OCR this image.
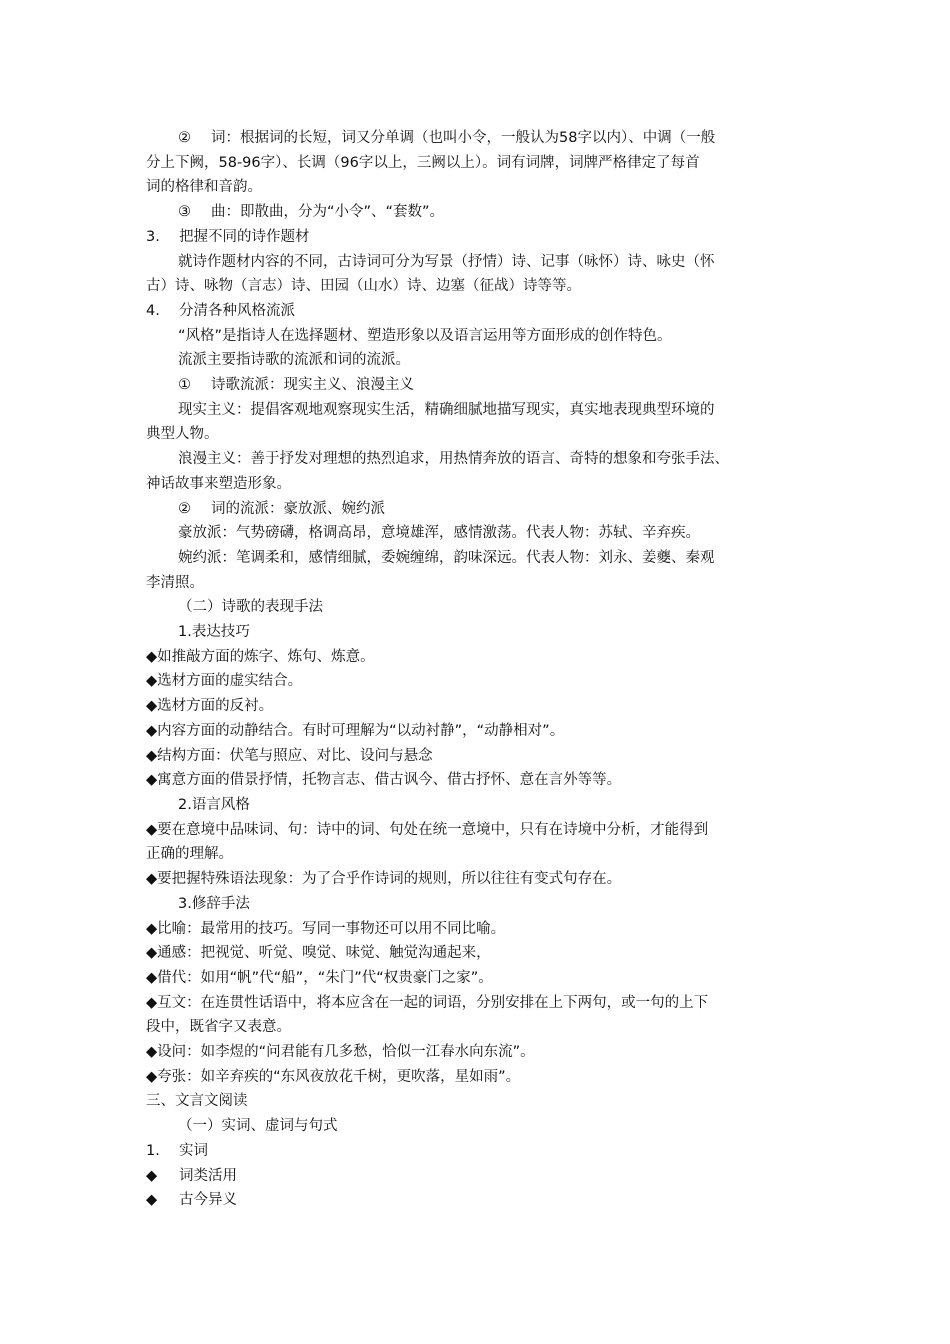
② 词：根据词的长短，词又分单调（也叫小令，一般认为58字以内）、中调（一般

分上下阙，58-96字）、长调（96字以上，三阙以上）。词有词牌，词牌严格律定了每首

词的格律和音韵。

③ 曲：即散曲，分为“小令”、“套数”。

3. 把握不同的诗作题材

就诗作题材内容的不同，古诗词可分为写景（抒情）诗、记事（咏怀）诗、咏史（怀

古）诗、咏物（言志）诗、田园（山水）诗、边塞（征战）诗等等。

4. 分清各种风格流派

“风格”是指诗人在选择题材、塑造形象以及语言运用等方面形成的创作特色。

流派主要指诗歌的流派和词的流派。

① 诗歌流派：现实主义、浪漫主义

现实主义：提倡客观地观察现实生活，精确细腻地描写现实，真实地表现典型环境的

典型人物。

浪漫主义：善于抒发对理想的热烈追求，用热情奔放的语言、奇特的想象和夸张手法、

神话故事来塑造形象。

② 词的流派：豪放派、婉约派

豪放派：气势磅礴，格调高昂，意境雄浑，感情激荡。代表人物：苏轼、辛弃疾。

婉约派：笔调柔和，感情细腻，委婉缠绵，韵味深远。代表人物：刘永、姜夔、秦观

李清照。

（二）诗歌的表现手法

1.表达技巧

◆如推敲方面的炼字、炼句、炼意。

◆选材方面的虚实结合。

◆选材方面的反衬。

◆内容方面的动静结合。有时可理解为“以动衬静”，“动静相对”。

◆结构方面：伏笔与照应、对比、设问与悬念

◆寓意方面的借景抒情，托物言志、借古讽今、借古抒怀、意在言外等等。

2.语言风格

◆要在意境中品味词、句：诗中的词、句处在统一意境中，只有在诗境中分析，才能得到

正确的理解。

◆要把握特殊语法现象：为了合乎作诗词的规则，所以往往有变式句存在。

3.修辞手法

◆比喻：最常用的技巧。写同一事物还可以用不同比喻。

◆通感：把视觉、听觉、嗅觉、味觉、触觉沟通起来，

◆借代：如用“帆”代“船”，“朱门”代“权贵豪门之家”。

◆互文：在连贯性话语中，将本应含在一起的词语，分别安排在上下两句，或一句的上下

段中，既省字又表意。

◆设问：如李煜的“问君能有几多愁，恰似一江春水向东流”。

◆夸张：如辛弃疾的“东风夜放花千树，更吹落，星如雨”。

三、文言文阅读

（一）实词、虚词与句式

1. 实词

◆ 词类活用

◆ 古今异义
